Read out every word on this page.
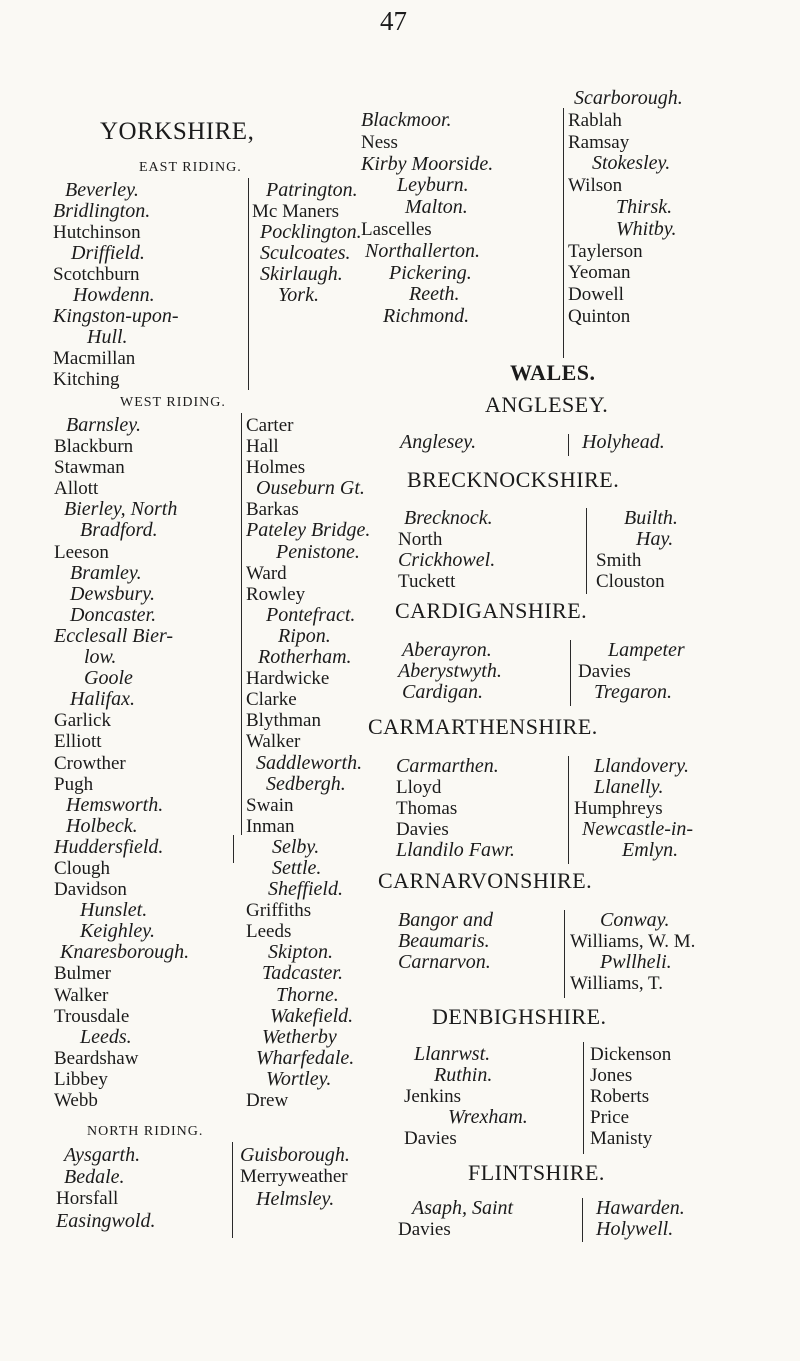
47
YORKSHIRE,
EAST RIDING.
Beverley.
Bridlington.
Hutchinson
Driffield.
Scotchburn
Howdenn.
Kingston-upon-
Hull.
Macmillan
Kitching
Patrington.
Mc Maners
Pocklington.
Sculcoates.
Skirlaugh.
York.
WEST RIDING.
Barnsley.
Blackburn
Stawman
Allott
Bierley, North
Bradford.
Leeson
Bramley.
Dewsbury.
Doncaster.
Ecclesall Bier-
low.
Goole
Halifax.
Garlick
Elliott
Crowther
Pugh
Hemsworth.
Holbeck.
Huddersfield.
Clough
Davidson
Hunslet.
Keighley.
Knaresborough.
Bulmer
Walker
Trousdale
Leeds.
Beardshaw
Libbey
Webb
Carter
Hall
Holmes
Ouseburn Gt.
Barkas
Pateley Bridge.
Penistone.
Ward
Rowley
Pontefract.
Ripon.
Rotherham.
Hardwicke
Clarke
Blythman
Walker
Saddleworth.
Sedbergh.
Swain
Inman
Selby.
Settle.
Sheffield.
Griffiths
Leeds
Skipton.
Tadcaster.
Thorne.
Wakefield.
Wetherby
Wharfedale.
Wortley.
Drew
NORTH RIDING.
Aysgarth.
Bedale.
Horsfall
Easingwold.
Guisborough.
Merryweather
Helmsley.
Blackmoor.
Ness
Kirby Moorside.
Leyburn.
Malton.
Lascelles
Northallerton.
Pickering.
Reeth.
Richmond.
Scarborough.
Rablah
Ramsay
Stokesley.
Wilson
Thirsk.
Whitby.
Taylerson
Yeoman
Dowell
Quinton
WALES.
ANGLESEY.
Anglesey.	Holyhead.
BRECKNOCKSHIRE.
Brecknock.
North
Crickhowel.
Tuckett
Builth.
Hay.
Smith
Clouston
CARDIGANSHIRE.
Aberayron.
Aberystwyth.
Cardigan.
Lampeter
Davies
Tregaron.
CARMARTHENSHIRE.
Carmarthen.
Lloyd
Thomas
Davies
Llandilo Fawr.
Llandovery.
Llanelly.
Humphreys
Newcastle-in-
Emlyn.
CARNARVONSHIRE.
Bangor and
Beaumaris.
Carnarvon.
Conway.
Williams, W. M.
Pwllheli.
Williams, T.
DENBIGHSHIRE.
Llanrwst.
Ruthin.
Jenkins
Wrexham.
Davies
Dickenson
Jones
Roberts
Price
Manisty
FLINTSHIRE.
Asaph, Saint
Davies
Hawarden.
Holywell.
